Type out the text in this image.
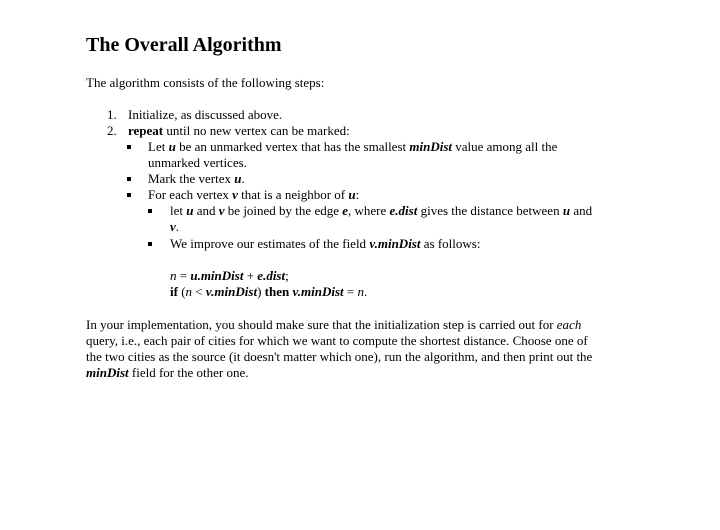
The Overall Algorithm
The algorithm consists of the following steps:
1. Initialize, as discussed above.
2. repeat until no new vertex can be marked:
Let u be an unmarked vertex that has the smallest minDist value among all the
unmarked vertices.
Mark the vertex u.
For each vertex v that is a neighbor of u:
let u and v be joined by the edge e, where e.dist gives the distance between u and
v.
We improve our estimates of the field v.minDist as follows:
n = u.minDist + e.dist;
if (n < v.minDist) then v.minDist = n.
In your implementation, you should make sure that the initialization step is carried out for each
query, i.e., each pair of cities for which we want to compute the shortest distance. Choose one of
the two cities as the source (it doesn't matter which one), run the algorithm, and then print out the
minDist field for the other one.
